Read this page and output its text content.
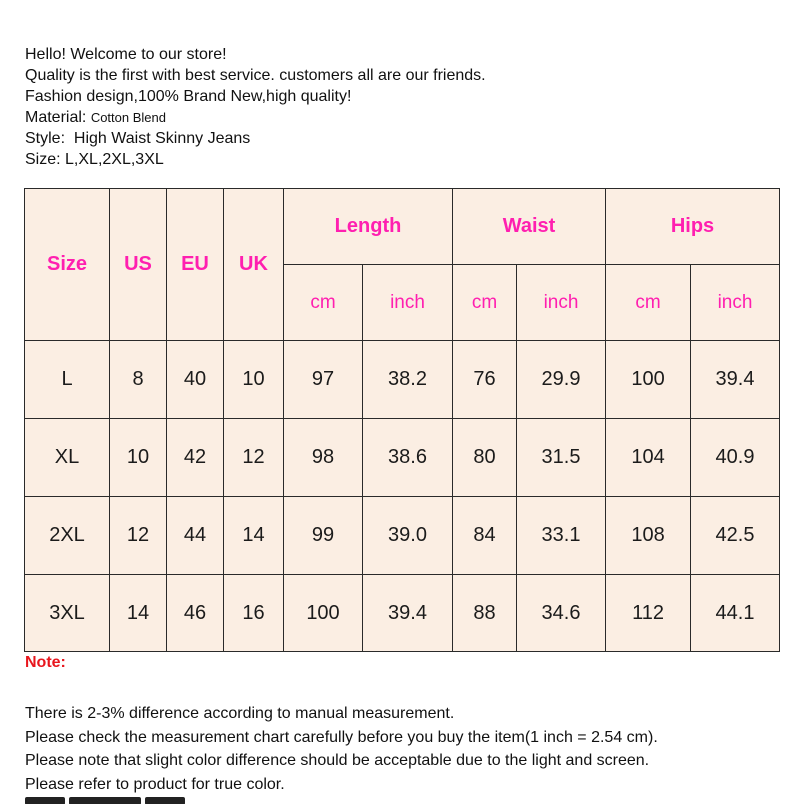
Hello! Welcome to our store!
Quality is the first with best service. customers all are our friends.
Fashion design,100% Brand New,high quality!
Material: Cotton Blend
Style: High Waist Skinny Jeans
Size: L,XL,2XL,3XL
Size	US	EU	UK	Length		Waist		Hips	
				cm	inch	cm	inch	cm	inch
L	8	40	10	97	38.2	76	29.9	100	39.4
XL	10	42	12	98	38.6	80	31.5	104	40.9
2XL	12	44	14	99	39.0	84	33.1	108	42.5
3XL	14	46	16	100	39.4	88	34.6	112	44.1
Note:
There is 2-3% difference according to manual measurement.
Please check the measurement chart carefully before you buy the item(1 inch = 2.54 cm).
Please note that slight color difference should be acceptable due to the light and screen.
Please refer to product for true color.
